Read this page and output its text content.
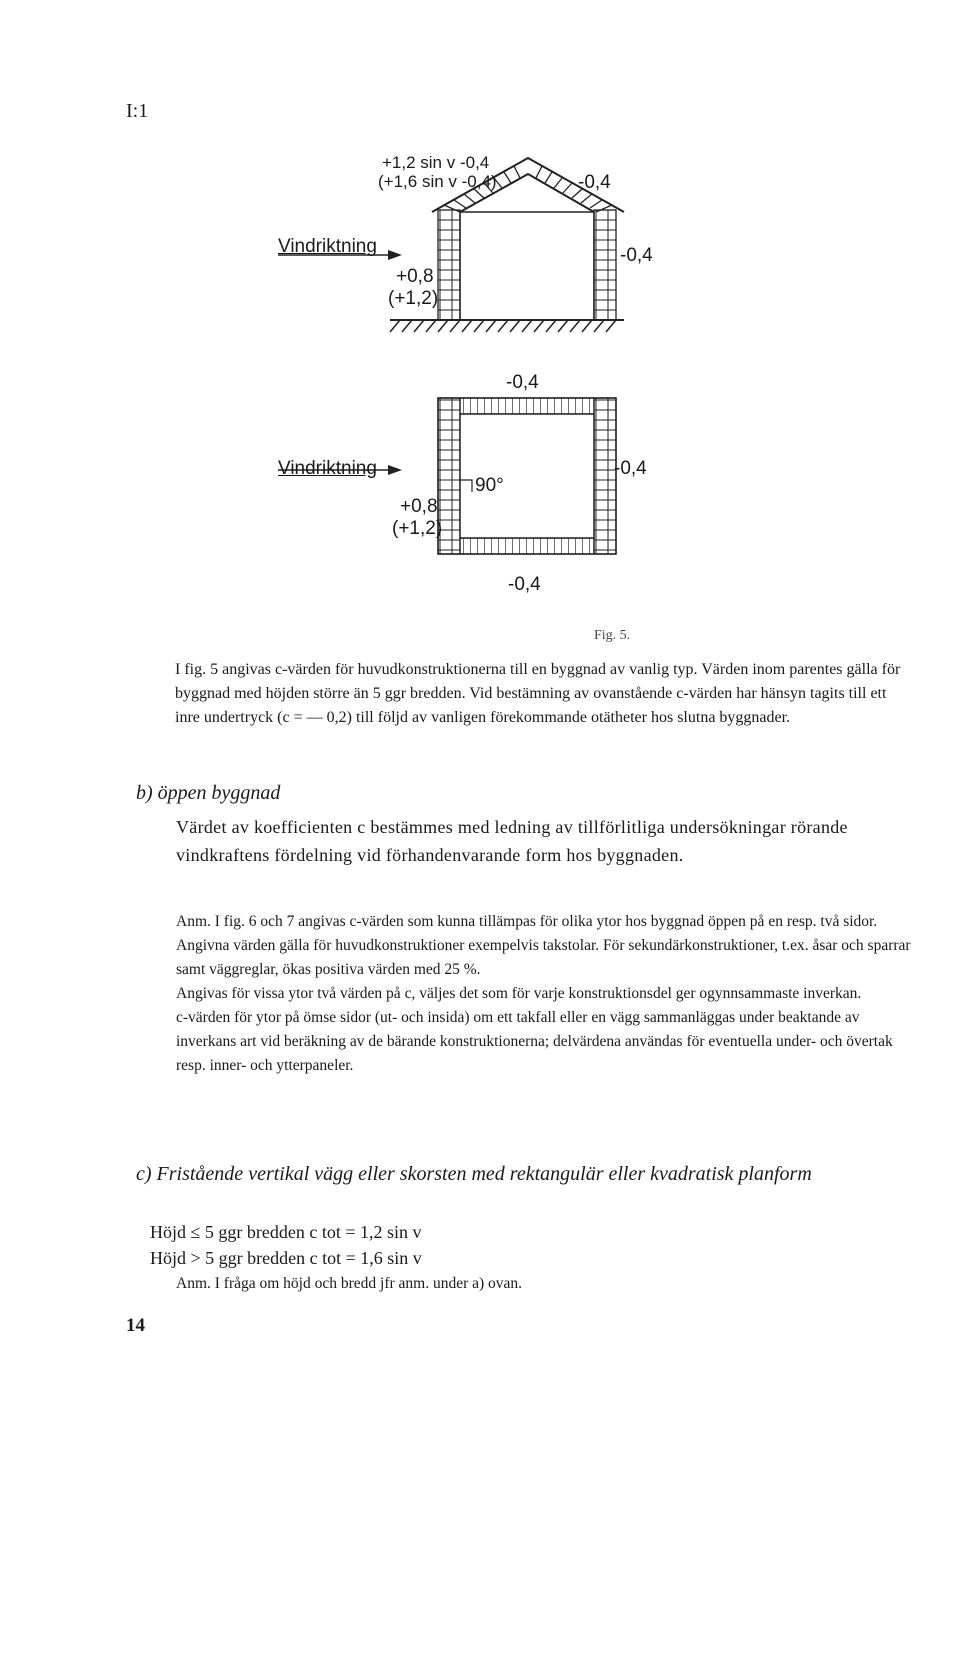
I:1
+1,2 sin v -0,4
(+1,6 sin v -0,4)	-0,4
Vindriktning
+0,8
(+1,2)
-0,4
-0,4
Vindriktning
90°
+0,8
(+1,2)
-0,4
-0,4
Fig. 5.
I fig. 5 angivas c-värden för huvudkonstruktionerna till en byggnad av vanlig typ. Värden inom parentes gälla för byggnad med höjden större än 5 ggr bredden. Vid bestämning av ovanstående c-värden har hänsyn tagits till ett inre undertryck (c = — 0,2) till följd av vanligen förekommande otätheter hos slutna byggnader.
b) öppen byggnad
Värdet av koefficienten c bestämmes med ledning av tillförlitliga undersökningar rörande vindkraftens fördelning vid förhandenvarande form hos byggnaden.

Anm. I fig. 6 och 7 angivas c-värden som kunna tillämpas för olika ytor hos byggnad öppen på en resp. två sidor. Angivna värden gälla för huvudkonstruktioner exempelvis takstolar. För sekundärkonstruktioner, t.ex. åsar och sparrar samt väggreglar, ökas positiva värden med 25 %.

Angivas för vissa ytor två värden på c, väljes det som för varje konstruktionsdel ger ogynnsammaste inverkan.

c-värden för ytor på ömse sidor (ut- och insida) om ett takfall eller en vägg sammanläggas under beaktande av inverkans art vid beräkning av de bärande konstruktionerna; delvärdena användas för eventuella under- och övertak resp. inner- och ytterpaneler.

c) Fristående vertikal vägg eller skorsten med rektangulär eller kvadratisk planform
Höjd ≤ 5 ggr bredden c tot = 1,2 sin v
Höjd > 5 ggr bredden c tot = 1,6 sin v
Anm. I fråga om höjd och bredd jfr anm. under a) ovan.
14
